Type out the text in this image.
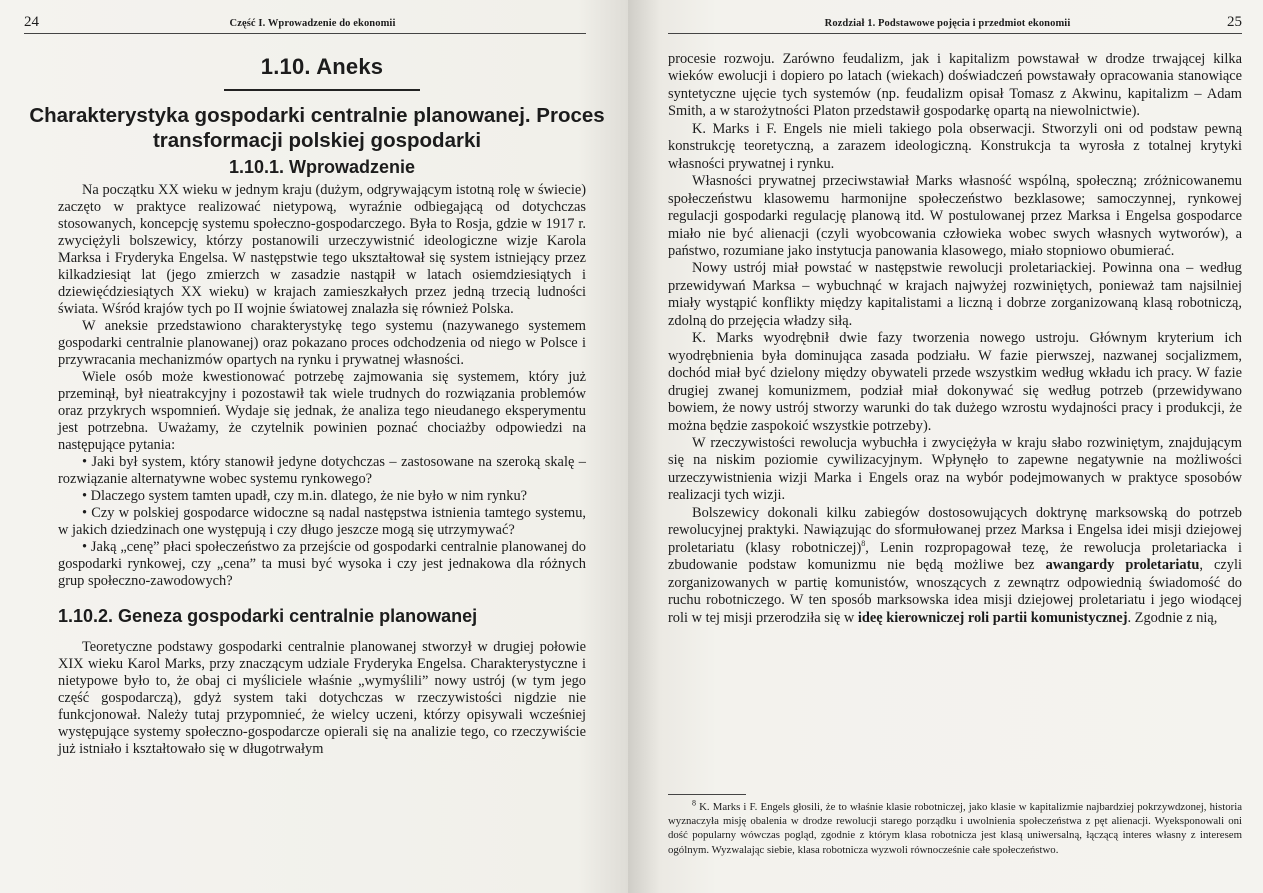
24	Część I. Wprowadzenie do ekonomii
1.10. Aneks
Charakterystyka gospodarki centralnie planowanej. Proces transformacji polskiej gospodarki
1.10.1. Wprowadzenie

Na początku XX wieku w jednym kraju (dużym, odgrywającym istotną rolę w świecie) zaczęto w praktyce realizować nietypową, wyraźnie odbiegającą od dotychczas stosowanych, koncepcję systemu społeczno-gospodarczego. Była to Rosja, gdzie w 1917 r. zwyciężyli bolszewicy, którzy postanowili urzeczywistnić ideologiczne wizje Karola Marksa i Fryderyka Engelsa. W następstwie tego ukształtował się system istniejący przez kilkadziesiąt lat (jego zmierzch w zasadzie nastąpił w latach osiemdziesiątych i dziewięćdziesiątych XX wieku) w krajach zamieszkałych przez jedną trzecią ludności świata. Wśród krajów tych po II wojnie światowej znalazła się również Polska.

W aneksie przedstawiono charakterystykę tego systemu (nazywanego systemem gospodarki centralnie planowanej) oraz pokazano proces odchodzenia od niego w Polsce i przywracania mechanizmów opartych na rynku i prywatnej własności.

Wiele osób może kwestionować potrzebę zajmowania się systemem, który już przeminął, był nieatrakcyjny i pozostawił tak wiele trudnych do rozwiązania problemów oraz przykrych wspomnień. Wydaje się jednak, że analiza tego nieudanego eksperymentu jest potrzebna. Uważamy, że czytelnik powinien poznać chociażby odpowiedzi na następujące pytania:

• Jaki był system, który stanowił jedyne dotychczas – zastosowane na szeroką skalę – rozwiązanie alternatywne wobec systemu rynkowego?

• Dlaczego system tamten upadł, czy m.in. dlatego, że nie było w nim rynku?

• Czy w polskiej gospodarce widoczne są nadal następstwa istnienia tamtego systemu, w jakich dziedzinach one występują i czy długo jeszcze mogą się utrzymywać?

• Jaką „cenę” płaci społeczeństwo za przejście od gospodarki centralnie planowanej do gospodarki rynkowej, czy „cena” ta musi być wysoka i czy jest jednakowa dla różnych grup społeczno-zawodowych?

1.10.2. Geneza gospodarki centralnie planowanej

Teoretyczne podstawy gospodarki centralnie planowanej stworzył w drugiej połowie XIX wieku Karol Marks, przy znaczącym udziale Fryderyka Engelsa. Charakterystyczne i nietypowe było to, że obaj ci myśliciele właśnie „wymyślili” nowy ustrój (w tym jego część gospodarczą), gdyż system taki dotychczas w rzeczywistości nigdzie nie funkcjonował. Należy tutaj przypomnieć, że wielcy uczeni, którzy opisywali wcześniej występujące systemy społeczno-gospodarcze opierali się na analizie tego, co rzeczywiście już istniało i kształtowało się w długotrwałym

Rozdział 1. Podstawowe pojęcia i przedmiot ekonomii	25

procesie rozwoju. Zarówno feudalizm, jak i kapitalizm powstawał w drodze trwającej kilka wieków ewolucji i dopiero po latach (wiekach) doświadczeń powstawały opracowania stanowiące syntetyczne ujęcie tych systemów (np. feudalizm opisał Tomasz z Akwinu, kapitalizm – Adam Smith, a w starożytności Platon przedstawił gospodarkę opartą na niewolnictwie).

K. Marks i F. Engels nie mieli takiego pola obserwacji. Stworzyli oni od podstaw pewną konstrukcję teoretyczną, a zarazem ideologiczną. Konstrukcja ta wyrosła z totalnej krytyki własności prywatnej i rynku.

Własności prywatnej przeciwstawiał Marks własność wspólną, społeczną; zróżnicowanemu społeczeństwu klasowemu harmonijne społeczeństwo bezklasowe; samoczynnej, rynkowej regulacji gospodarki regulację planową itd. W postulowanej przez Marksa i Engelsa gospodarce miało nie być alienacji (czyli wyobcowania człowieka wobec swych własnych wytworów), a państwo, rozumiane jako instytucja panowania klasowego, miało stopniowo obumierać.

Nowy ustrój miał powstać w następstwie rewolucji proletariackiej. Powinna ona – według przewidywań Marksa – wybuchnąć w krajach najwyżej rozwiniętych, ponieważ tam najsilniej miały wystąpić konflikty między kapitalistami a liczną i dobrze zorganizowaną klasą robotniczą, zdolną do przejęcia władzy siłą.

K. Marks wyodrębnił dwie fazy tworzenia nowego ustroju. Głównym kryterium ich wyodrębnienia była dominująca zasada podziału. W fazie pierwszej, nazwanej socjalizmem, dochód miał być dzielony między obywateli przede wszystkim według wkładu ich pracy. W fazie drugiej zwanej komunizmem, podział miał dokonywać się według potrzeb (przewidywano bowiem, że nowy ustrój stworzy warunki do tak dużego wzrostu wydajności pracy i produkcji, że można będzie zaspokoić wszystkie potrzeby).

W rzeczywistości rewolucja wybuchła i zwyciężyła w kraju słabo rozwiniętym, znajdującym się na niskim poziomie cywilizacyjnym. Wpłynęło to zapewne negatywnie na możliwości urzeczywistnienia wizji Marka i Engels oraz na wybór podejmowanych w praktyce sposobów realizacji tych wizji.

Bolszewicy dokonali kilku zabiegów dostosowujących doktrynę marksowską do potrzeb rewolucyjnej praktyki. Nawiązując do sformułowanej przez Marksa i Engelsa idei misji dziejowej proletariatu (klasy robotniczej)$^8$, Lenin rozpropagował tezę, że rewolucja proletariacka i zbudowanie podstaw komunizmu nie będą możliwe bez awangardy proletariatu, czyli zorganizowanych w partię komunistów, wnoszących z zewnątrz odpowiednią świadomość do ruchu robotniczego. W ten sposób marksowska idea misji dziejowej proletariatu i jego wiodącej roli w tej misji przerodziła się w ideę kierowniczej roli partii komunistycznej. Zgodnie z nią,

$^8$ K. Marks i F. Engels głosili, że to właśnie klasie robotniczej, jako klasie w kapitalizmie najbardziej pokrzywdzonej, historia wyznaczyła misję obalenia w drodze rewolucji starego porządku i uwolnienia społeczeństwa z pęt alienacji. Wyeksponowali oni dość popularny wówczas pogląd, zgodnie z którym klasa robotnicza jest klasą uniwersalną, łączącą interes własny z interesem ogólnym. Wyzwalając siebie, klasa robotnicza wyzwoli równocześnie całe społeczeństwo.
